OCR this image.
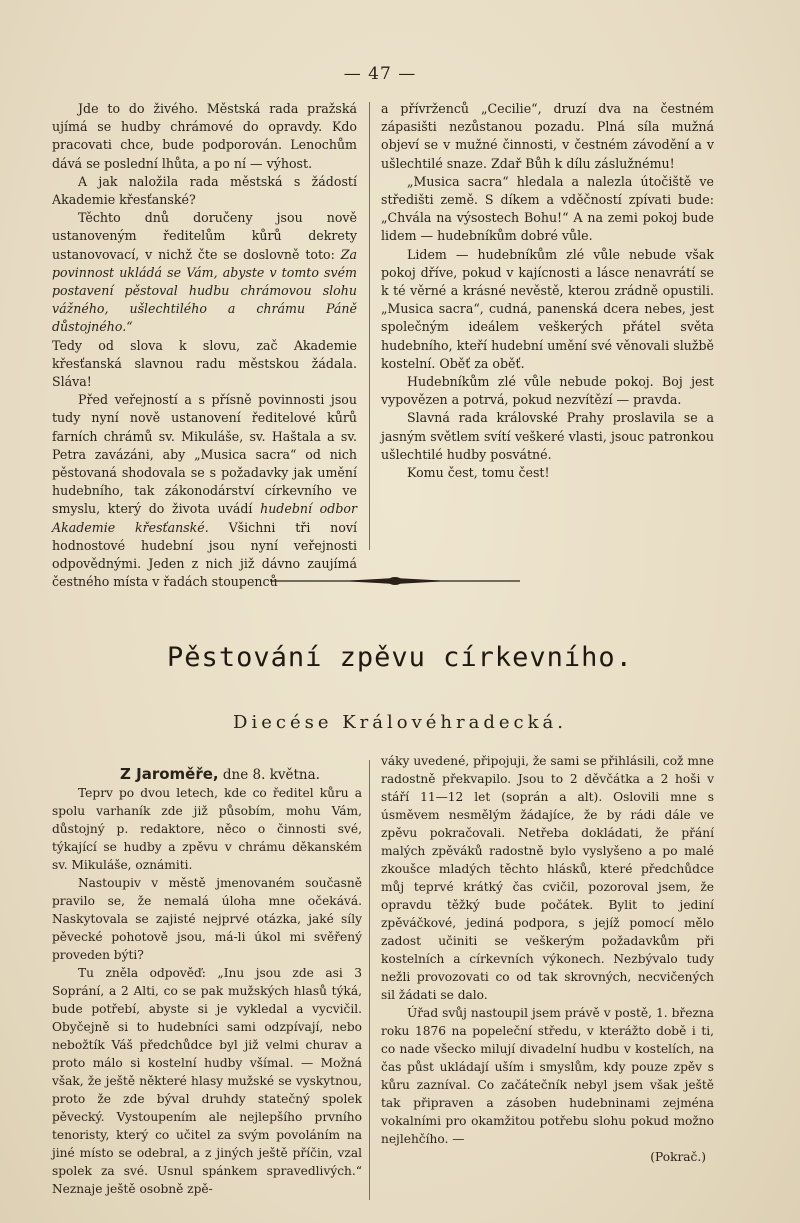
— 47 —

Jde to do živého. Městská rada pražská ujímá se hudby chrámové do opravdy. Kdo pracovati chce, bude podporován. Lenochům dává se poslední lhůta, a po ní — výhost.

A jak naložila rada městská s žádostí Akademie křesťanské?

Těchto dnů doručeny jsou nově ustanoveným ředitelům kůrů dekrety ustanovovací, v nichž čte se doslovně toto: Za povinnost ukládá se Vám, abyste v tomto svém postavení pěstoval hudbu chrámovou slohu vážného, ušlechtilého a chrámu Páně důstojného.“

Tedy od slova k slovu, zač Akademie křesťanská slavnou radu městskou žádala. Sláva!

Před veřejností a s přísně povinnosti jsou tudy nyní nově ustanovení ředitelové kůrů farních chrámů sv. Mikuláše, sv. Haštala a sv. Petra zavázáni, aby „Musica sacra“ od nich pěstovaná shodovala se s požadavky jak umění hudebního, tak zákonodárství církevního ve smyslu, který do života uvádí hudební odbor Akademie křesťanské. Všichni tři noví hodnostové hudební jsou nyní veřejnosti odpovědnými. Jeden z nich již dávno zaujímá čestného místa v řadách stoupenců

a přívrženců „Cecilie“, druzí dva na čestném zápasišti nezůstanou pozadu. Plná síla mužná objeví se v mužné činnosti, v čestném závodění a v ušlechtilé snaze. Zdař Bůh k dílu záslužnému!

„Musica sacra“ hledala a nalezla útočiště ve středišti země. S díkem a vděčností zpívati bude: „Chvála na výsostech Bohu!“ A na zemi pokoj bude lidem — hudebníkům dobré vůle.

Lidem — hudebníkům zlé vůle nebude však pokoj dříve, pokud v kajícnosti a lásce nenavrátí se k té věrné a krásné nevěstě, kterou zrádně opustili. „Musica sacra“, cudná, panenská dcera nebes, jest společným ideálem veškerých přátel světa hudebního, kteří hudební umění své věnovali službě kostelní. Oběť za oběť.

Hudebníkům zlé vůle nebude pokoj. Boj jest vypovězen a potrvá, pokud nezvítězí — pravda.

Slavná rada královské Prahy proslavila se a jasným světlem svítí veškeré vlasti, jsouc patronkou ušlechtilé hudby posvátné.

Komu čest, tomu čest!

Pěstování zpěvu církevního.
Diecése Královéhradecká.

Z Jaroměře, dne 8. května.

Teprv po dvou letech, kde co ředitel kůru a spolu varhaník zde již působím, mohu Vám, důstojný p. redaktore, něco o činnosti své, týkající se hudby a zpěvu v chrámu děkanském sv. Mikuláše, oznámiti.

Nastoupiv v městě jmenovaném současně pravilo se, že nemalá úloha mne očekává. Naskytovala se zajisté nejprvé otázka, jaké síly pěvecké pohotově jsou, má-li úkol mi svěřený proveden býti?

Tu zněla odpověď: „Inu jsou zde asi 3 Soprání, a 2 Alti, co se pak mužských hlasů týká, bude potřebí, abyste si je vykledal a vycvičil. Obyčejně si to hudebníci sami odzpívají, nebo nebožtík Váš předchůdce byl již velmi churav a proto málo si kostelní hudby všímal. — Možná však, že ještě některé hlasy mužské se vyskytnou, proto že zde býval druhdy statečný spolek pěvecký. Vystoupením ale nejlepšího prvního tenoristy, který co učitel za svým povoláním na jiné místo se odebral, a z jiných ještě příčin, vzal spolek za své. Usnul spánkem spravedlivých.“ Neznaje ještě osobně zpě-

váky uvedené, připojuji, že sami se přihlásili, což mne radostně překvapilo. Jsou to 2 děvčátka a 2 hoši v stáří 11—12 let (soprán a alt). Oslovili mne s úsměvem nesmělým žádajíce, že by rádi dále ve zpěvu pokračovali. Netřeba dokládati, že přání malých zpěváků radostně bylo vyslyšeno a po malé zkoušce mladých těchto hlásků, které předchůdce můj teprvé krátký čas cvičil, pozoroval jsem, že opravdu těžký bude počátek. Bylit to jediní zpěváčkové, jediná podpora, s jejíž pomocí mělo zadost učiniti se veškerým požadavkům při kostelních a církevních výkonech. Nezbývalo tudy nežli provozovati co od tak skrovných, necvičených sil žádati se dalo.

Úřad svůj nastoupil jsem právě v postě, 1. března roku 1876 na popeleční středu, v kterážto době i ti, co nade všecko milují divadelní hudbu v kostelích, na čas půst ukládají uším i smyslům, kdy pouze zpěv s kůru zazníval. Co začátečník nebyl jsem však ještě tak připraven a zásoben hudebninami zejména vokalními pro okamžitou potřebu slohu pokud možno nejlehčího. —

(Pokrač.)
